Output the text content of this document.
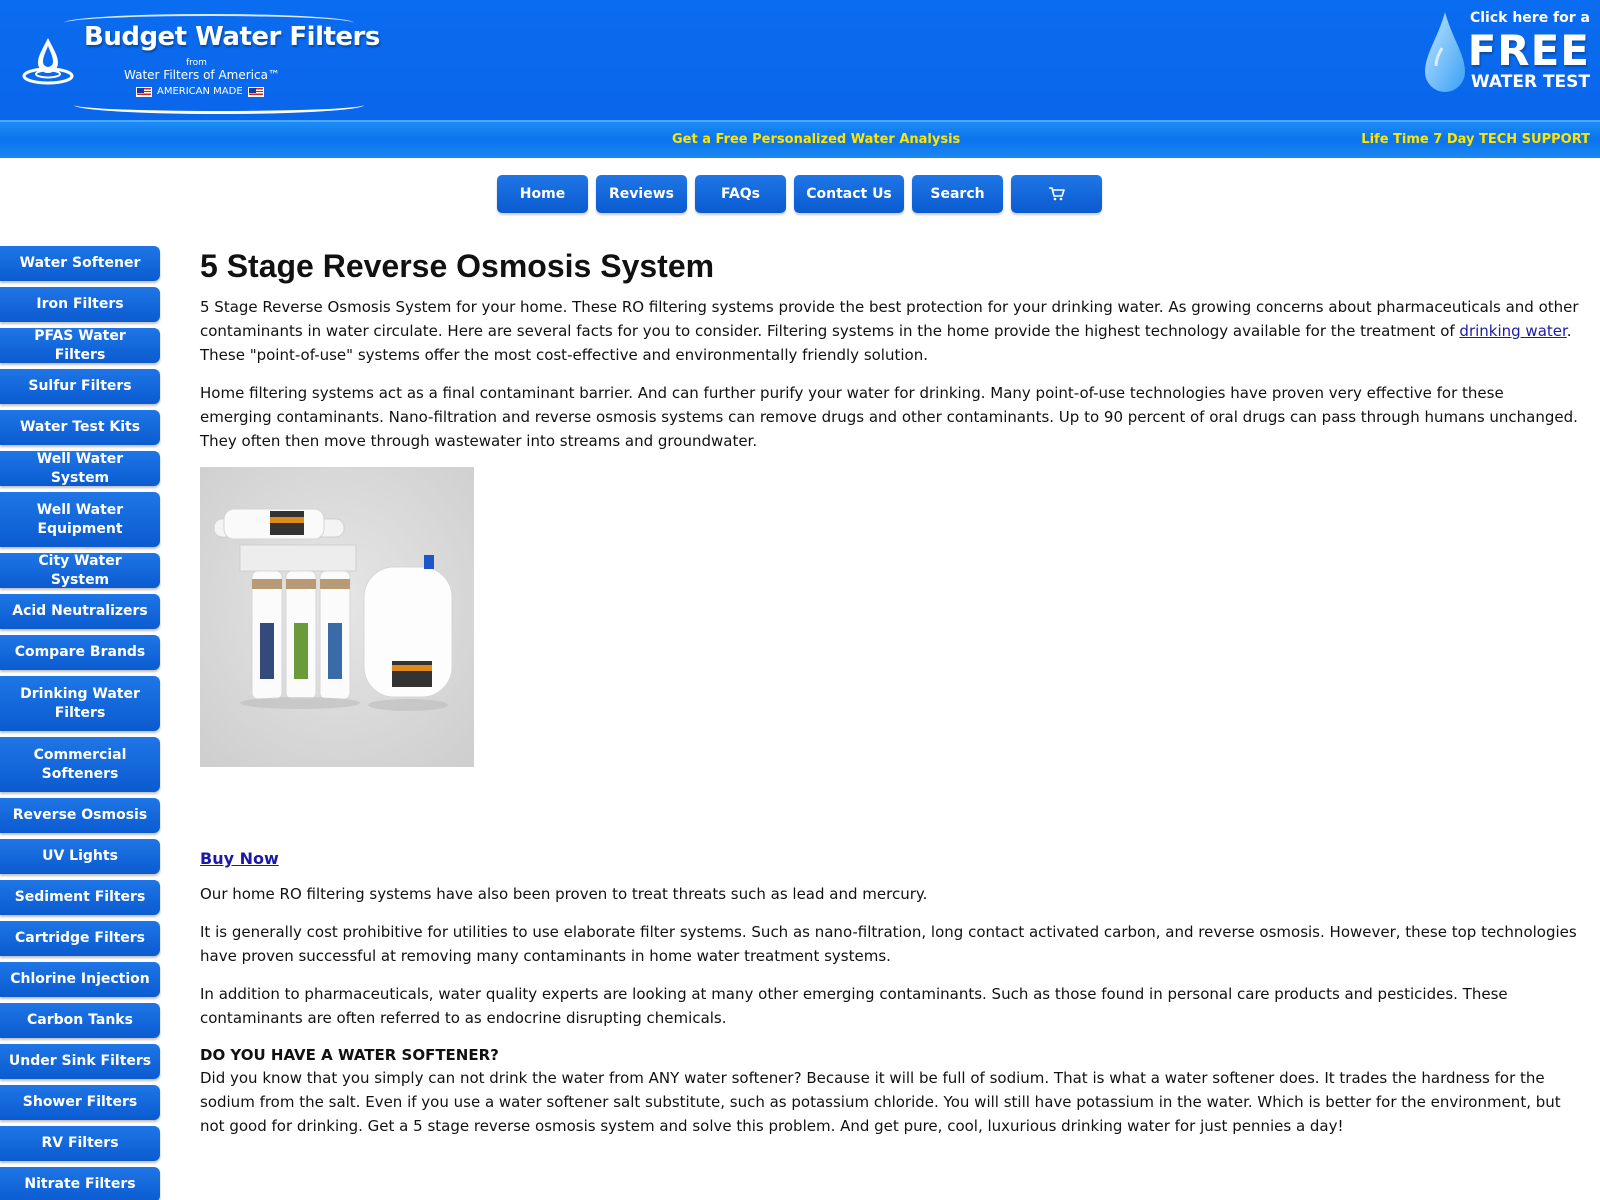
Budget Water Filters
from
Water Filters of America™
AMERICAN MADE
Click here for a
FREE
WATER TEST
Get a Free Personalized Water Analysis	Life Time 7 Day TECH SUPPORT
Home	Reviews	FAQs	Contact Us	Search
Water Softener
Iron Filters
PFAS Water Filters
Sulfur Filters
Water Test Kits
Well Water System
Well Water Equipment
City Water System
Acid Neutralizers
Compare Brands
Drinking Water Filters
Commercial Softeners
Reverse Osmosis
UV Lights
Sediment Filters
Cartridge Filters
Chlorine Injection
Carbon Tanks
Under Sink Filters
Shower Filters
RV Filters
Nitrate Filters
5 Stage Reverse Osmosis System

5 Stage Reverse Osmosis System for your home. These RO filtering systems provide the best protection for your drinking water. As growing concerns about pharmaceuticals and other contaminants in water circulate. Here are several facts for you to consider. Filtering systems in the home provide the highest technology available for the treatment of drinking water. These "point-of-use" systems offer the most cost-effective and environmentally friendly solution.

Home filtering systems act as a final contaminant barrier. And can further purify your water for drinking. Many point-of-use technologies have proven very effective for these emerging contaminants. Nano-filtration and reverse osmosis systems can remove drugs and other contaminants. Up to 90 percent of oral drugs can pass through humans unchanged. They often then move through wastewater into streams and groundwater.

Buy Now

Our home RO filtering systems have also been proven to treat threats such as lead and mercury.

It is generally cost prohibitive for utilities to use elaborate filter systems. Such as nano-filtration, long contact activated carbon, and reverse osmosis. However, these top technologies have proven successful at removing many contaminants in home water treatment systems.

In addition to pharmaceuticals, water quality experts are looking at many other emerging contaminants. Such as those found in personal care products and pesticides. These contaminants are often referred to as endocrine disrupting chemicals.

DO YOU HAVE A WATER SOFTENER?

Did you know that you simply can not drink the water from ANY water softener? Because it will be full of sodium. That is what a water softener does. It trades the hardness for the sodium from the salt. Even if you use a water softener salt substitute, such as potassium chloride. You will still have potassium in the water. Which is better for the environment, but not good for drinking. Get a 5 stage reverse osmosis system and solve this problem. And get pure, cool, luxurious drinking water for just pennies a day!
